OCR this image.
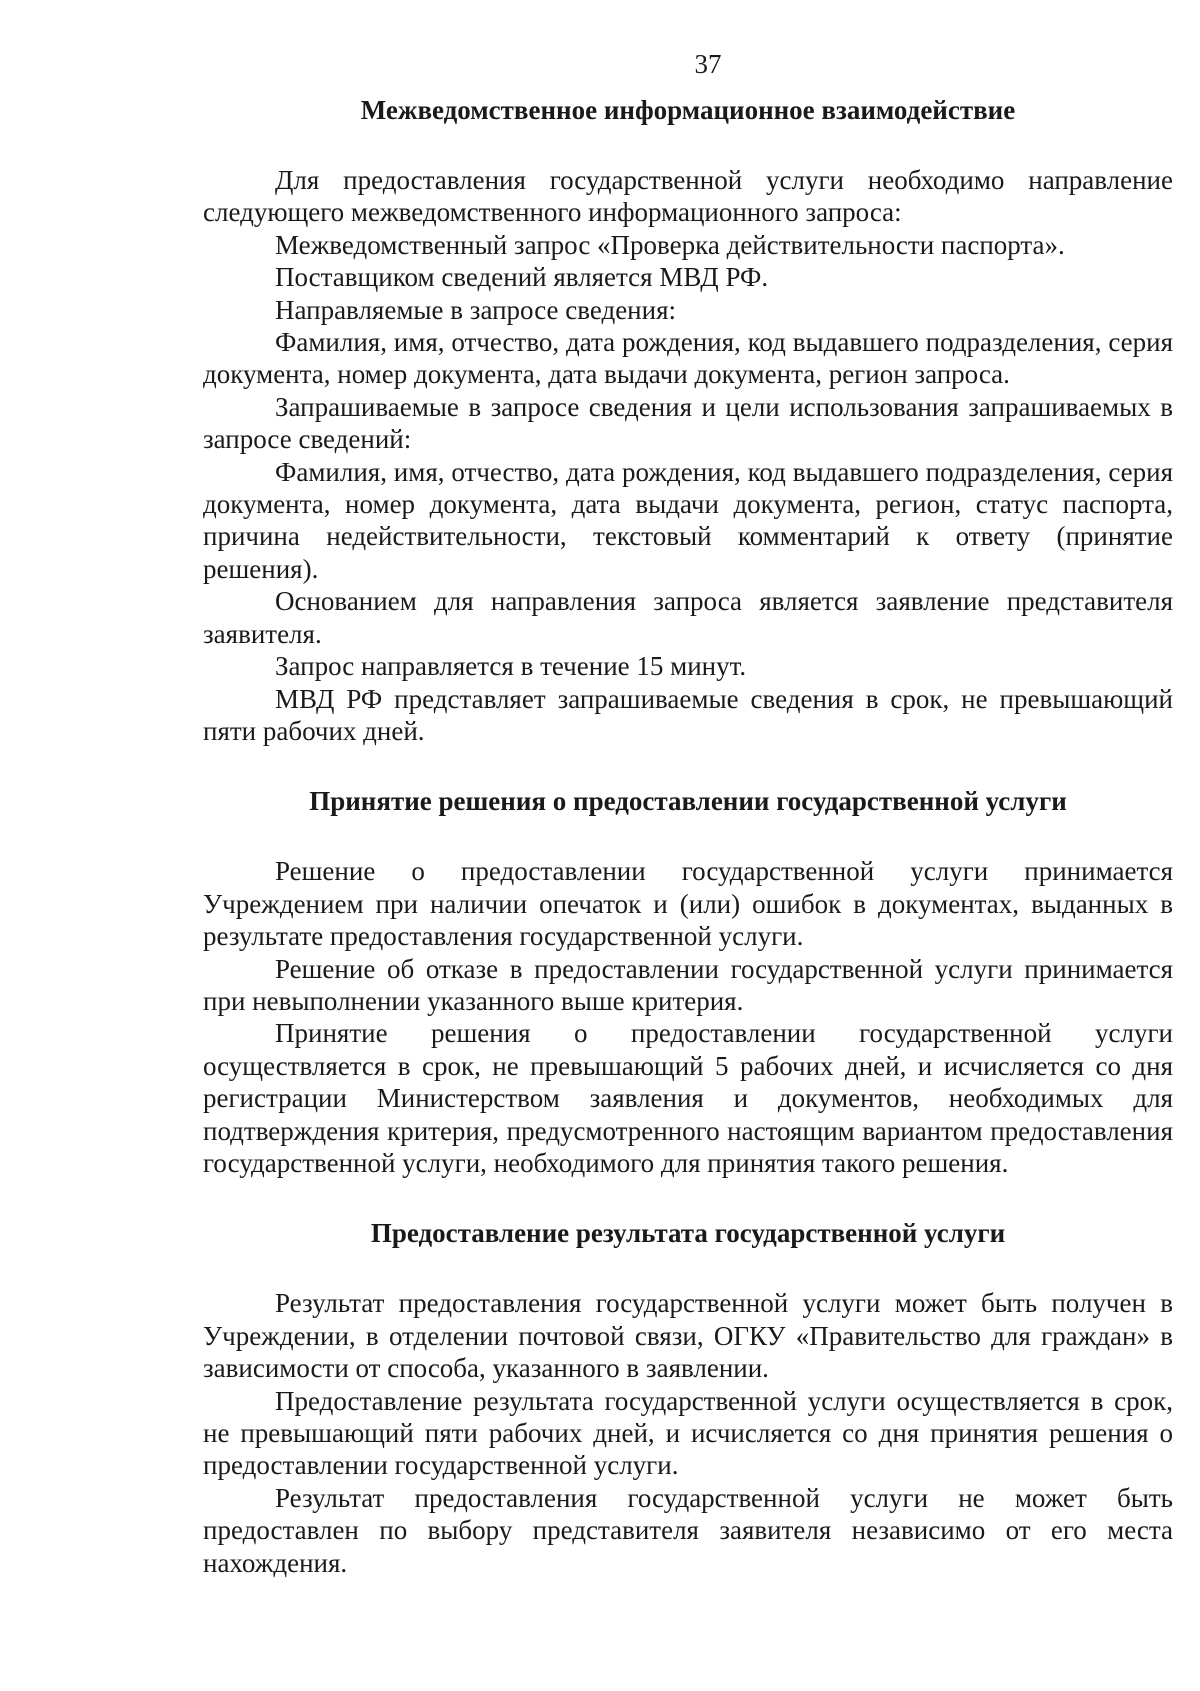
37
Межведомственное информационное взаимодействие

Для предоставления государственной услуги необходимо направление следующего межведомственного информационного запроса:

Межведомственный запрос «Проверка действительности паспорта».

Поставщиком сведений является МВД РФ.

Направляемые в запросе сведения:

Фамилия, имя, отчество, дата рождения, код выдавшего подразделения, серия документа, номер документа, дата выдачи документа, регион запроса.

Запрашиваемые в запросе сведения и цели использования запрашиваемых в запросе сведений:

Фамилия, имя, отчество, дата рождения, код выдавшего подразделения, серия документа, номер документа, дата выдачи документа, регион, статус паспорта, причина недействительности, текстовый комментарий к ответу (принятие решения).

Основанием для направления запроса является заявление представителя заявителя.

Запрос направляется в течение 15 минут.

МВД РФ представляет запрашиваемые сведения в срок, не превышающий пяти рабочих дней.

Принятие решения о предоставлении государственной услуги

Решение о предоставлении государственной услуги принимается Учреждением при наличии опечаток и (или) ошибок в документах, выданных в результате предоставления государственной услуги.

Решение об отказе в предоставлении государственной услуги принимается при невыполнении указанного выше критерия.

Принятие решения о предоставлении государственной услуги осуществляется в срок, не превышающий 5 рабочих дней, и исчисляется со дня регистрации Министерством заявления и документов, необходимых для подтверждения критерия, предусмотренного настоящим вариантом предоставления государственной услуги, необходимого для принятия такого решения.

Предоставление результата государственной услуги

Результат предоставления государственной услуги может быть получен в Учреждении, в отделении почтовой связи, ОГКУ «Правительство для граждан» в зависимости от способа, указанного в заявлении.

Предоставление результата государственной услуги осуществляется в срок, не превышающий пяти рабочих дней, и исчисляется со дня принятия решения о предоставлении государственной услуги.

Результат предоставления государственной услуги не может быть предоставлен по выбору представителя заявителя независимо от его места нахождения.
